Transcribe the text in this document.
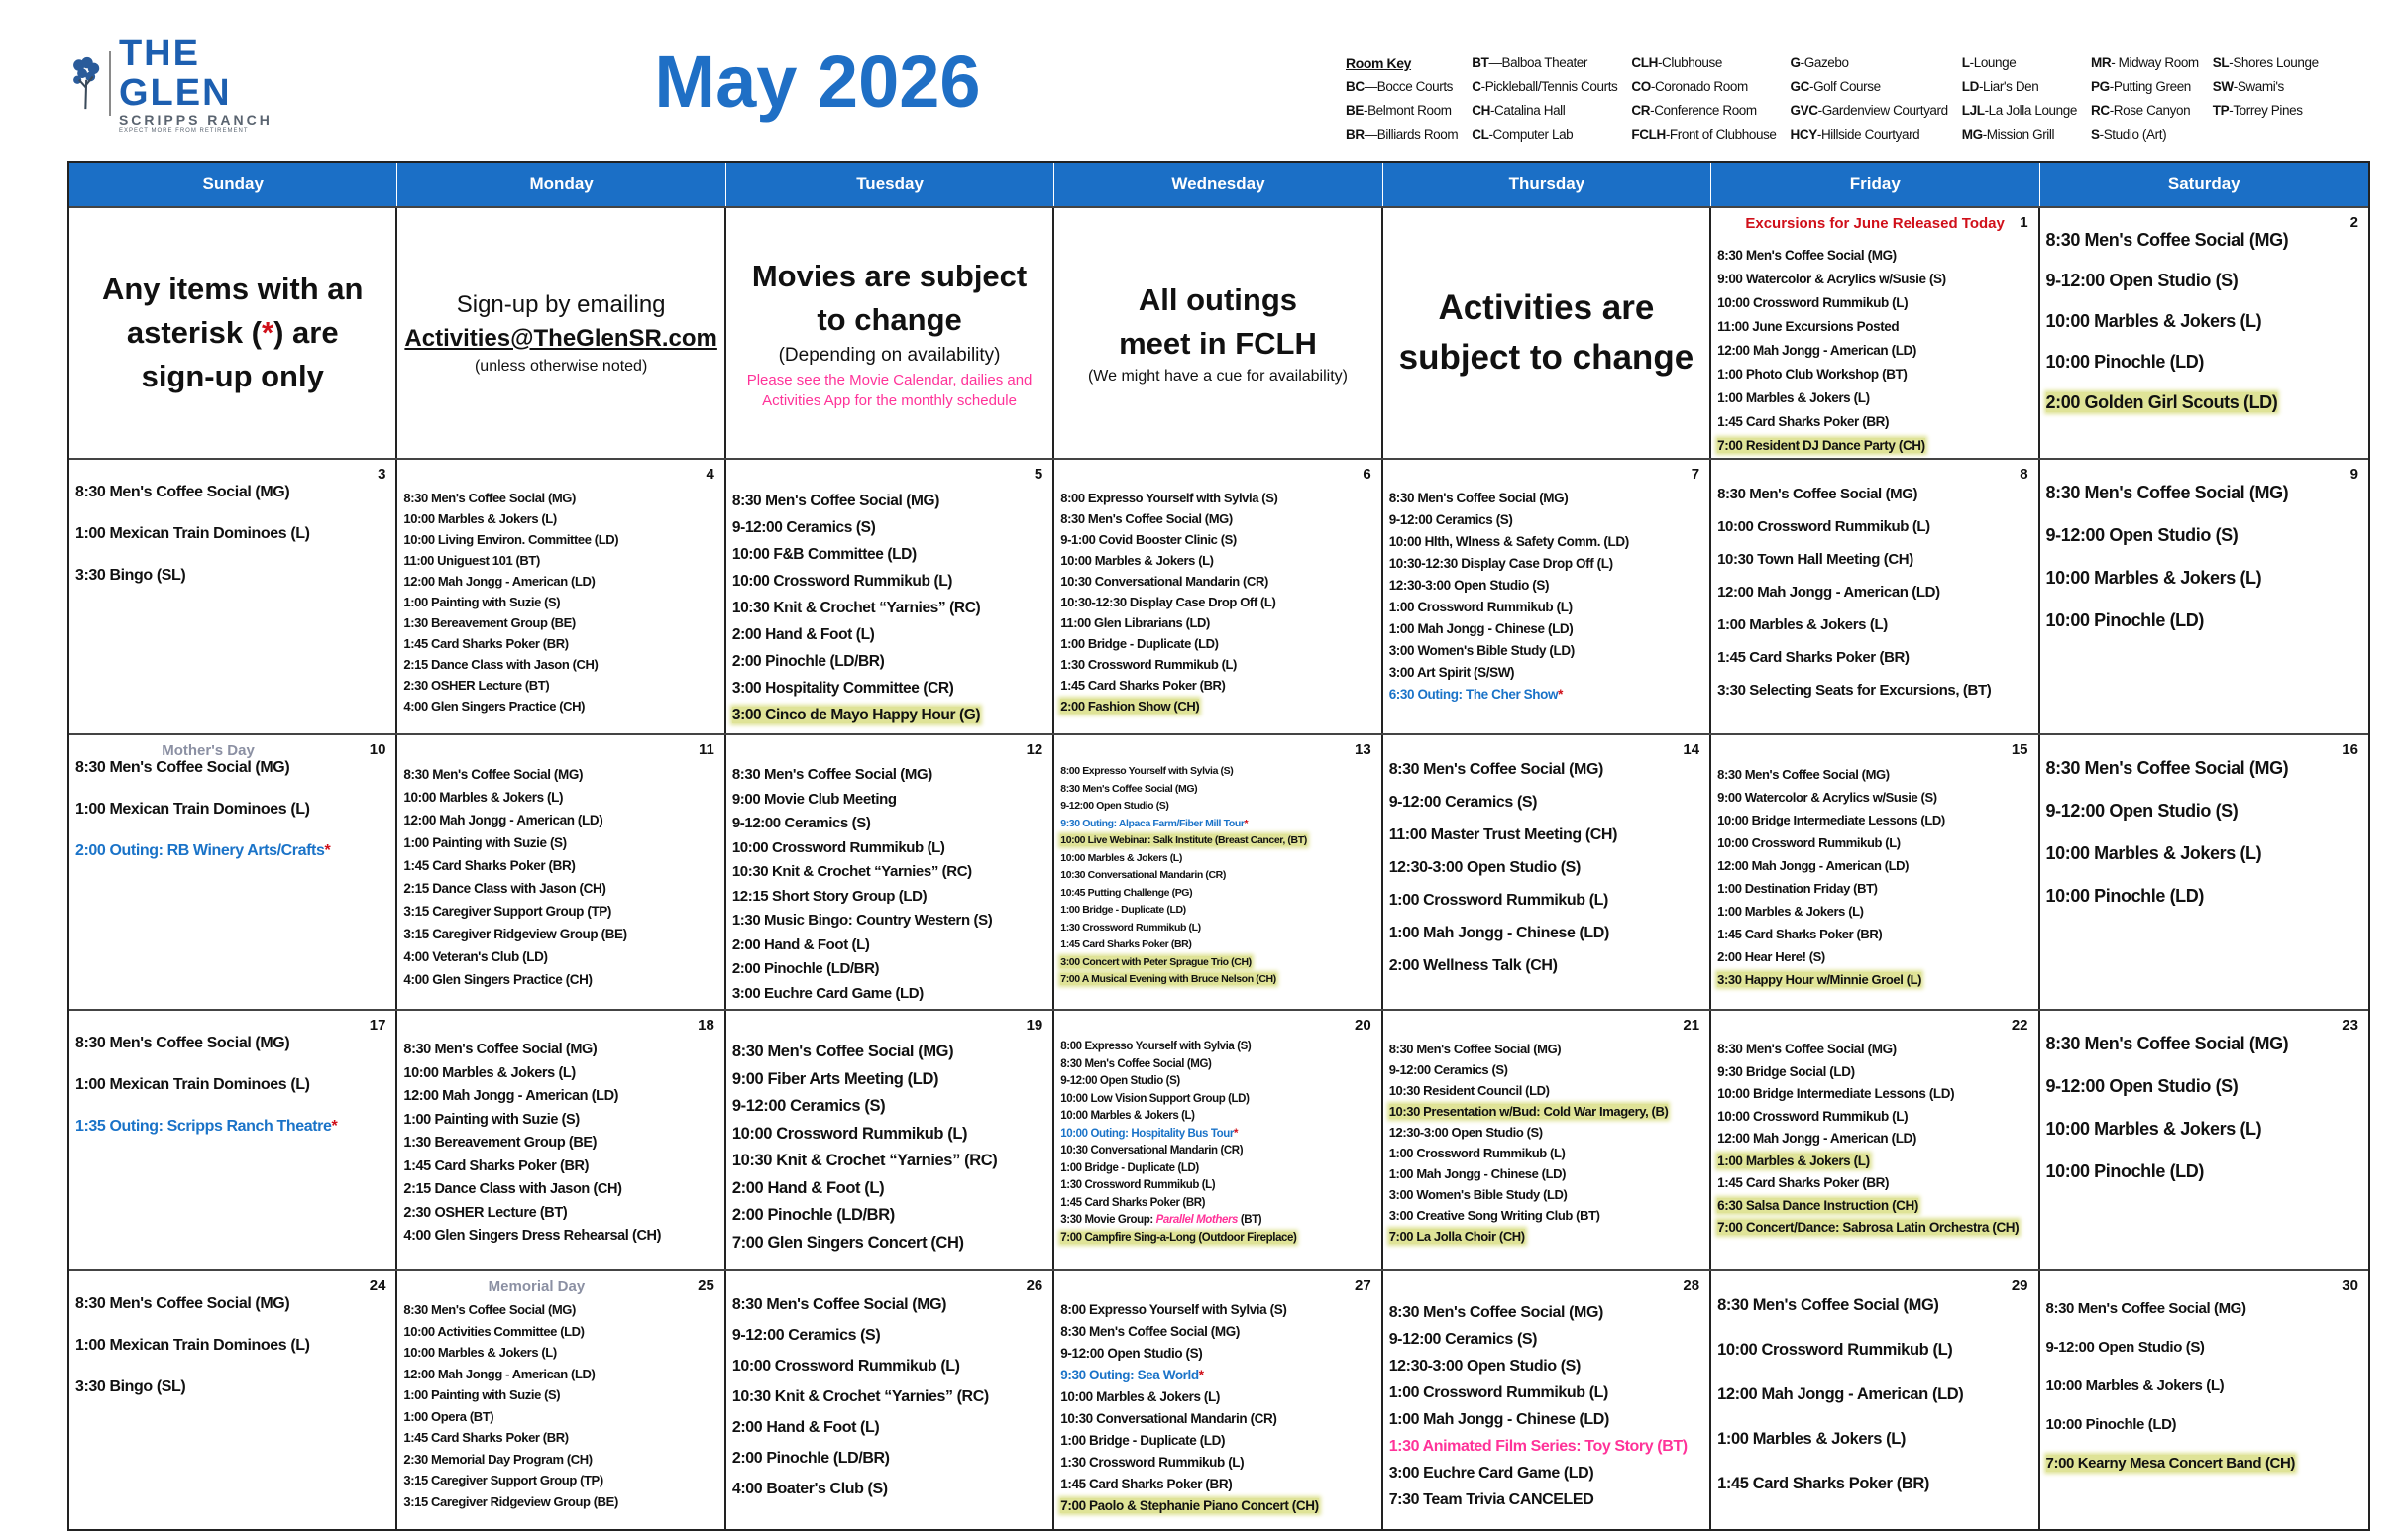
THE GLEN
SCRIPPS RANCH
EXPECT MORE FROM RETIREMENT
May 2026	Room Key
BC—Bocce Courts
BE-Belmont Room
BR—Billiards Room
BT—Balboa Theater
C-Pickleball/Tennis Courts
CH-Catalina Hall
CL-Computer Lab
CLH-Clubhouse
CO-Coronado Room
CR-Conference Room
FCLH-Front of Clubhouse
G-Gazebo
GC-Golf Course
GVC-Gardenview Courtyard
HCY-Hillside Courtyard
L-Lounge
LD-Liar's Den
LJL-La Jolla Lounge
MG-Mission Grill
MR- Midway Room
PG-Putting Green
RC-Rose Canyon
S-Studio (Art)
SL-Shores Lounge
SW-Swami's
TP-Torrey Pines
Sunday	Monday	Tuesday	Wednesday	Thursday	Friday	Saturday
Any items with an
asterisk (*) are
sign-up only
Sign-up by emailing
Activities@TheGlenSR.com
(unless otherwise noted)
Movies are subject
to change
(Depending on availability)
Please see the Movie Calendar, dailies and
Activities App for the monthly schedule
All outings
meet in FCLH
(We might have a cue for availability)
Activities are
subject to change
1
Excursions for June Released Today
8:30 Men's Coffee Social (MG)
9:00 Watercolor & Acrylics w/Susie (S)
10:00 Crossword Rummikub (L)
11:00 June Excursions Posted
12:00 Mah Jongg - American (LD)
1:00 Photo Club Workshop (BT)
1:00 Marbles & Jokers (L)
1:45 Card Sharks Poker (BR)
7:00 Resident DJ Dance Party (CH)
2
8:30 Men's Coffee Social (MG)
9-12:00 Open Studio (S)
10:00 Marbles & Jokers (L)
10:00 Pinochle (LD)
2:00 Golden Girl Scouts (LD)
3
8:30 Men's Coffee Social (MG)
1:00 Mexican Train Dominoes (L)
3:30 Bingo (SL)
4
8:30 Men's Coffee Social (MG)
10:00 Marbles & Jokers (L)
10:00 Living Environ. Committee (LD)
11:00 Uniguest 101 (BT)
12:00 Mah Jongg - American (LD)
1:00 Painting with Suzie (S)
1:30 Bereavement Group (BE)
1:45 Card Sharks Poker (BR)
2:15 Dance Class with Jason (CH)
2:30 OSHER Lecture (BT)
4:00 Glen Singers Practice (CH)
5
8:30 Men's Coffee Social (MG)
9-12:00 Ceramics (S)
10:00 F&B Committee (LD)
10:00 Crossword Rummikub (L)
10:30 Knit & Crochet “Yarnies” (RC)
2:00 Hand & Foot (L)
2:00 Pinochle (LD/BR)
3:00 Hospitality Committee (CR)
3:00 Cinco de Mayo Happy Hour (G)
6
8:00 Expresso Yourself with Sylvia (S)
8:30 Men's Coffee Social (MG)
9-1:00 Covid Booster Clinic (S)
10:00 Marbles & Jokers (L)
10:30 Conversational Mandarin (CR)
10:30-12:30 Display Case Drop Off (L)
11:00 Glen Librarians (LD)
1:00 Bridge - Duplicate (LD)
1:30 Crossword Rummikub (L)
1:45 Card Sharks Poker (BR)
2:00 Fashion Show (CH)
7
8:30 Men's Coffee Social (MG)
9-12:00 Ceramics (S)
10:00 Hlth, Wlness & Safety Comm. (LD)
10:30-12:30 Display Case Drop Off (L)
12:30-3:00 Open Studio (S)
1:00 Crossword Rummikub (L)
1:00 Mah Jongg - Chinese (LD)
3:00 Women's Bible Study (LD)
3:00 Art Spirit (S/SW)
6:30 Outing: The Cher Show*
8
8:30 Men's Coffee Social (MG)
10:00 Crossword Rummikub (L)
10:30 Town Hall Meeting (CH)
12:00 Mah Jongg - American (LD)
1:00 Marbles & Jokers (L)
1:45 Card Sharks Poker (BR)
3:30 Selecting Seats for Excursions, (BT)
9
8:30 Men's Coffee Social (MG)
9-12:00 Open Studio (S)
10:00 Marbles & Jokers (L)
10:00 Pinochle (LD)
10
Mother's Day
8:30 Men's Coffee Social (MG)
1:00 Mexican Train Dominoes (L)
2:00 Outing: RB Winery Arts/Crafts*
11
8:30 Men's Coffee Social (MG)
10:00 Marbles & Jokers (L)
12:00 Mah Jongg - American (LD)
1:00 Painting with Suzie (S)
1:45 Card Sharks Poker (BR)
2:15 Dance Class with Jason (CH)
3:15 Caregiver Support Group (TP)
3:15 Caregiver Ridgeview Group (BE)
4:00 Veteran's Club (LD)
4:00 Glen Singers Practice (CH)
12
8:30 Men's Coffee Social (MG)
9:00 Movie Club Meeting
9-12:00 Ceramics (S)
10:00 Crossword Rummikub (L)
10:30 Knit & Crochet “Yarnies” (RC)
12:15 Short Story Group (LD)
1:30 Music Bingo: Country Western (S)
2:00 Hand & Foot (L)
2:00 Pinochle (LD/BR)
3:00 Euchre Card Game (LD)
13
8:00 Expresso Yourself with Sylvia (S)
8:30 Men's Coffee Social (MG)
9-12:00 Open Studio (S)
9:30 Outing: Alpaca Farm/Fiber Mill Tour*
10:00 Live Webinar: Salk Institute (Breast Cancer, (BT)
10:00 Marbles & Jokers (L)
10:30 Conversational Mandarin (CR)
10:45 Putting Challenge (PG)
1:00 Bridge - Duplicate (LD)
1:30 Crossword Rummikub (L)
1:45 Card Sharks Poker (BR)
3:00 Concert with Peter Sprague Trio (CH)
7:00 A Musical Evening with Bruce Nelson (CH)
14
8:30 Men's Coffee Social (MG)
9-12:00 Ceramics (S)
11:00 Master Trust Meeting (CH)
12:30-3:00 Open Studio (S)
1:00 Crossword Rummikub (L)
1:00 Mah Jongg - Chinese (LD)
2:00 Wellness Talk (CH)
15
8:30 Men's Coffee Social (MG)
9:00 Watercolor & Acrylics w/Susie (S)
10:00 Bridge Intermediate Lessons (LD)
10:00 Crossword Rummikub (L)
12:00 Mah Jongg - American (LD)
1:00 Destination Friday (BT)
1:00 Marbles & Jokers (L)
1:45 Card Sharks Poker (BR)
2:00 Hear Here! (S)
3:30 Happy Hour w/Minnie Groel (L)
16
8:30 Men's Coffee Social (MG)
9-12:00 Open Studio (S)
10:00 Marbles & Jokers (L)
10:00 Pinochle (LD)
17
8:30 Men's Coffee Social (MG)
1:00 Mexican Train Dominoes (L)
1:35 Outing: Scripps Ranch Theatre*
18
8:30 Men's Coffee Social (MG)
10:00 Marbles & Jokers (L)
12:00 Mah Jongg - American (LD)
1:00 Painting with Suzie (S)
1:30 Bereavement Group (BE)
1:45 Card Sharks Poker (BR)
2:15 Dance Class with Jason (CH)
2:30 OSHER Lecture (BT)
4:00 Glen Singers Dress Rehearsal (CH)
19
8:30 Men's Coffee Social (MG)
9:00 Fiber Arts Meeting (LD)
9-12:00 Ceramics (S)
10:00 Crossword Rummikub (L)
10:30 Knit & Crochet “Yarnies” (RC)
2:00 Hand & Foot (L)
2:00 Pinochle (LD/BR)
7:00 Glen Singers Concert (CH)
20
8:00 Expresso Yourself with Sylvia (S)
8:30 Men's Coffee Social (MG)
9-12:00 Open Studio (S)
10:00 Low Vision Support Group (LD)
10:00 Marbles & Jokers (L)
10:00 Outing: Hospitality Bus Tour*
10:30 Conversational Mandarin (CR)
1:00 Bridge - Duplicate (LD)
1:30 Crossword Rummikub (L)
1:45 Card Sharks Poker (BR)
3:30 Movie Group: Parallel Mothers (BT)
7:00 Campfire Sing-a-Long (Outdoor Fireplace)
21
8:30 Men's Coffee Social (MG)
9-12:00 Ceramics (S)
10:30 Resident Council (LD)
10:30 Presentation w/Bud: Cold War Imagery, (B)
12:30-3:00 Open Studio (S)
1:00 Crossword Rummikub (L)
1:00 Mah Jongg - Chinese (LD)
3:00 Women's Bible Study (LD)
3:00 Creative Song Writing Club (BT)
7:00 La Jolla Choir (CH)
22
8:30 Men's Coffee Social (MG)
9:30 Bridge Social (LD)
10:00 Bridge Intermediate Lessons (LD)
10:00 Crossword Rummikub (L)
12:00 Mah Jongg - American (LD)
1:00 Marbles & Jokers (L)
1:45 Card Sharks Poker (BR)
6:30 Salsa Dance Instruction (CH)
7:00 Concert/Dance: Sabrosa Latin Orchestra (CH)
23
8:30 Men's Coffee Social (MG)
9-12:00 Open Studio (S)
10:00 Marbles & Jokers (L)
10:00 Pinochle (LD)
24
8:30 Men's Coffee Social (MG)
1:00 Mexican Train Dominoes (L)
3:30 Bingo (SL)
25
Memorial Day
8:30 Men's Coffee Social (MG)
10:00 Activities Committee (LD)
10:00 Marbles & Jokers (L)
12:00 Mah Jongg - American (LD)
1:00 Painting with Suzie (S)
1:00 Opera (BT)
1:45 Card Sharks Poker (BR)
2:30 Memorial Day Program (CH)
3:15 Caregiver Support Group (TP)
3:15 Caregiver Ridgeview Group (BE)
26
8:30 Men's Coffee Social (MG)
9-12:00 Ceramics (S)
10:00 Crossword Rummikub (L)
10:30 Knit & Crochet “Yarnies” (RC)
2:00 Hand & Foot (L)
2:00 Pinochle (LD/BR)
4:00 Boater's Club (S)
27
8:00 Expresso Yourself with Sylvia (S)
8:30 Men's Coffee Social (MG)
9-12:00 Open Studio (S)
9:30 Outing: Sea World*
10:00 Marbles & Jokers (L)
10:30 Conversational Mandarin (CR)
1:00 Bridge - Duplicate (LD)
1:30 Crossword Rummikub (L)
1:45 Card Sharks Poker (BR)
7:00 Paolo & Stephanie Piano Concert (CH)
28
8:30 Men's Coffee Social (MG)
9-12:00 Ceramics (S)
12:30-3:00 Open Studio (S)
1:00 Crossword Rummikub (L)
1:00 Mah Jongg - Chinese (LD)
1:30 Animated Film Series: Toy Story (BT)
3:00 Euchre Card Game (LD)
7:30 Team Trivia CANCELED
29
8:30 Men's Coffee Social (MG)
10:00 Crossword Rummikub (L)
12:00 Mah Jongg - American (LD)
1:00 Marbles & Jokers (L)
1:45 Card Sharks Poker (BR)
30
8:30 Men's Coffee Social (MG)
9-12:00 Open Studio (S)
10:00 Marbles & Jokers (L)
10:00 Pinochle (LD)
7:00 Kearny Mesa Concert Band (CH)
